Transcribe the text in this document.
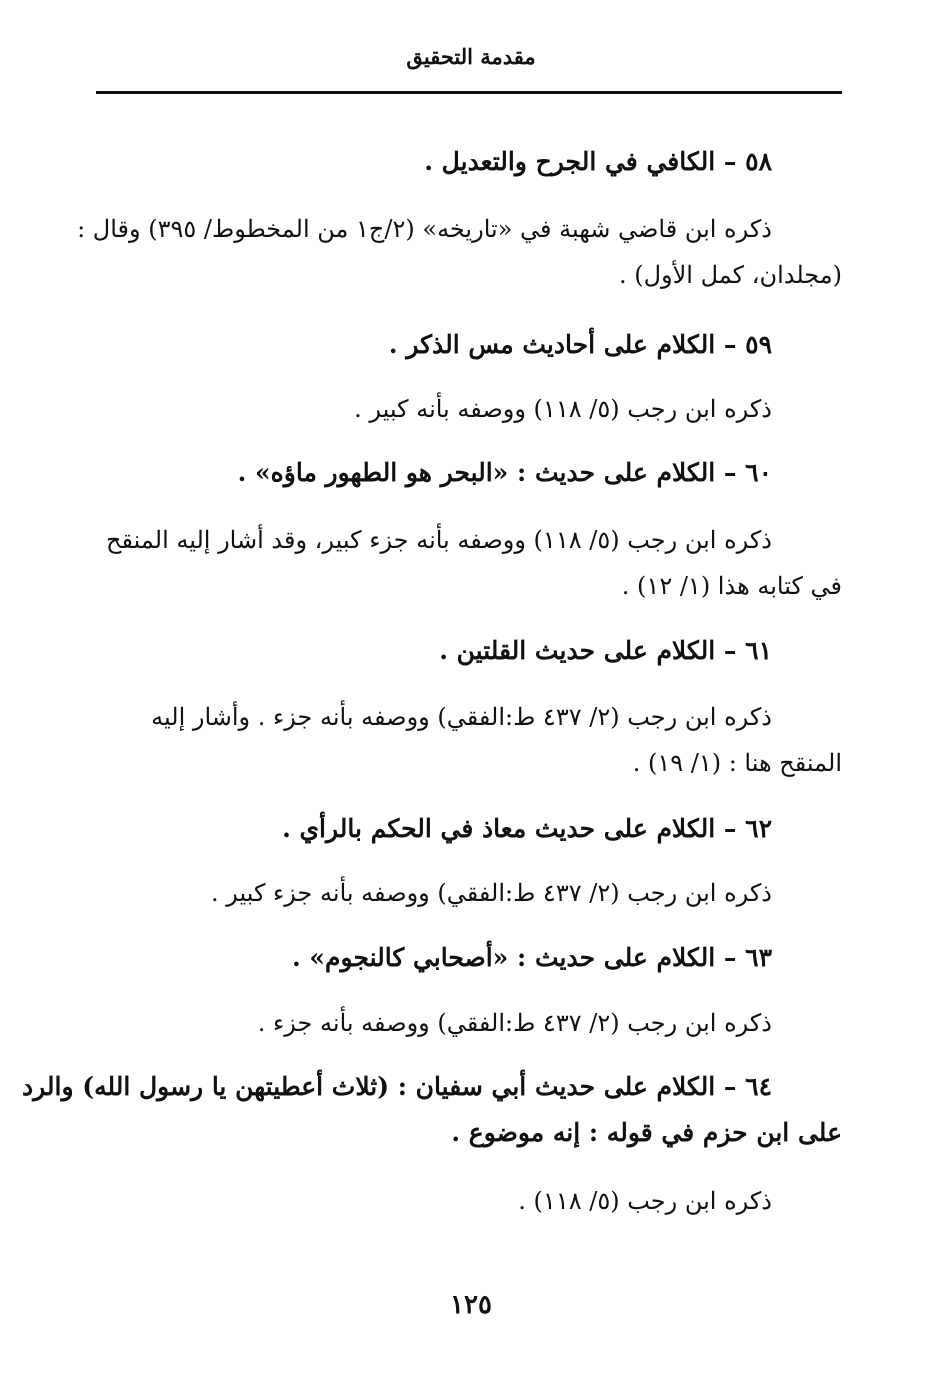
مقدمة التحقيق
٥٨ – الكافي في الجرح والتعديل .
ذكره ابن قاضي شهبة في «تاريخه» (٢/ج١ من المخطوط/ ٣٩٥) وقال :
(مجلدان، كمل الأول) .
٥٩ – الكلام على أحاديث مس الذكر .
ذكره ابن رجب (٥/ ١١٨) ووصفه بأنه كبير .
٦٠ – الكلام على حديث : «البحر هو الطهور ماؤه» .
ذكره ابن رجب (٥/ ١١٨) ووصفه بأنه جزء كبير، وقد أشار إليه المنقح
في كتابه هذا (١/ ١٢) .
٦١ – الكلام على حديث القلتين .
ذكره ابن رجب (٢/ ٤٣٧ ط:الفقي) ووصفه بأنه جزء . وأشار إليه
المنقح هنا : (١/ ١٩) .
٦٢ – الكلام على حديث معاذ في الحكم بالرأي .
ذكره ابن رجب (٢/ ٤٣٧ ط:الفقي) ووصفه بأنه جزء كبير .
٦٣ – الكلام على حديث : «أصحابي كالنجوم» .
ذكره ابن رجب (٢/ ٤٣٧ ط:الفقي) ووصفه بأنه جزء .
٦٤ – الكلام على حديث أبي سفيان : (ثلاث أعطيتهن يا رسول الله) والرد
على ابن حزم في قوله : إنه موضوع .
ذكره ابن رجب (٥/ ١١٨) .
١٢٥
